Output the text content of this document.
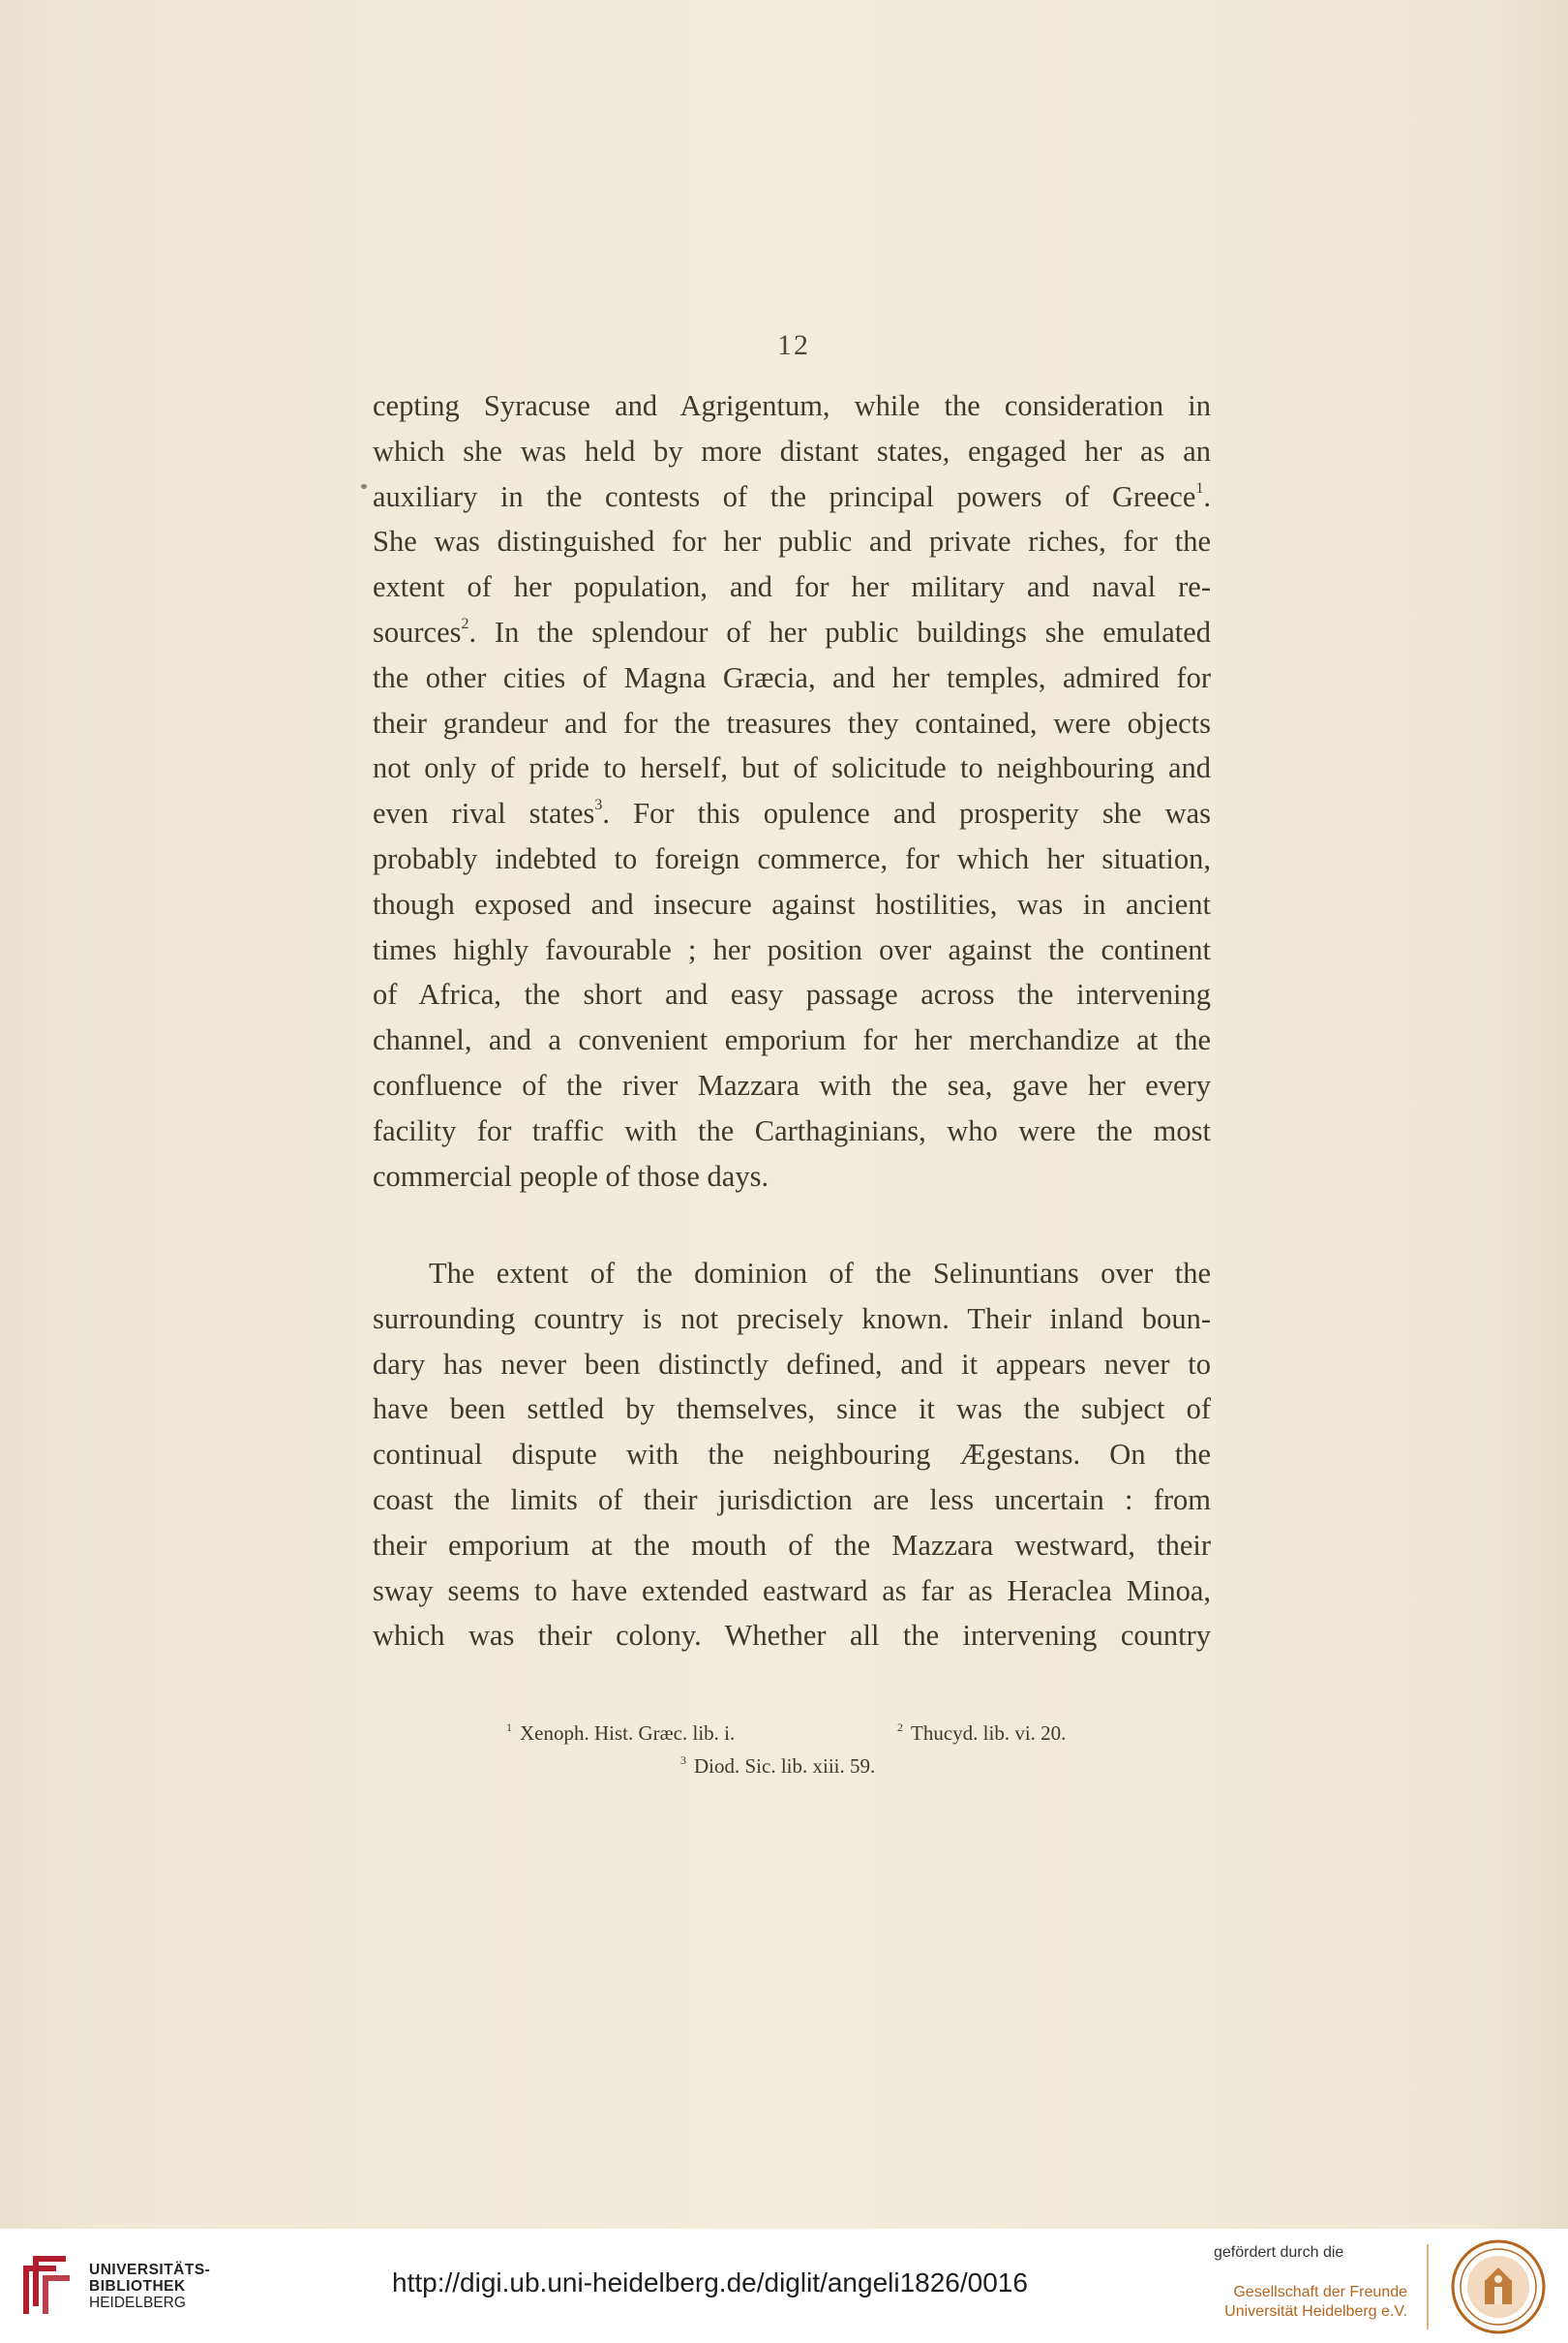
12
cepting Syracuse and Agrigentum, while the consideration in
which she was held by more distant states, engaged her as an
auxiliary in the contests of the principal powers of Greece$^1$.
She was distinguished for her public and private riches, for the
extent of her population, and for her military and naval re-
sources$^2$. In the splendour of her public buildings she emulated
the other cities of Magna Græcia, and her temples, admired for
their grandeur and for the treasures they contained, were objects
not only of pride to herself, but of solicitude to neighbouring and
even rival states$^3$. For this opulence and prosperity she was
probably indebted to foreign commerce, for which her situation,
though exposed and insecure against hostilities, was in ancient
times highly favourable ; her position over against the continent
of Africa, the short and easy passage across the intervening
channel, and a convenient emporium for her merchandize at the
confluence of the river Mazzara with the sea, gave her every
facility for traffic with the Carthaginians, who were the most
commercial people of those days.
The extent of the dominion of the Selinuntians over the
surrounding country is not precisely known. Their inland boun-
dary has never been distinctly defined, and it appears never to
have been settled by themselves, since it was the subject of
continual dispute with the neighbouring Ægestans. On the
coast the limits of their jurisdiction are less uncertain : from
their emporium at the mouth of the Mazzara westward, their
sway seems to have extended eastward as far as Heraclea Minoa,
which was their colony. Whether all the intervening country
$^1$ Xenoph. Hist. Græc. lib. i.	$^2$ Thucyd. lib. vi. 20.
$^3$ Diod. Sic. lib. xiii. 59.
UNIVERSITÄTS-
BIBLIOTHEK
HEIDELBERG
http://digi.ub.uni-heidelberg.de/diglit/angeli1826/0016
gefördert durch die
Gesellschaft der Freunde
Universität Heidelberg e.V.
